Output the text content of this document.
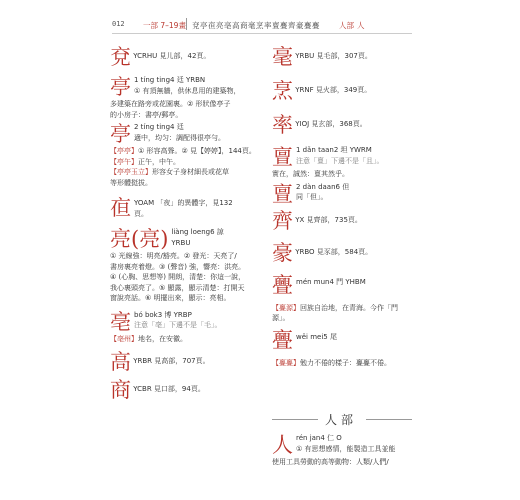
012 一部 7–19畫 兗亭亱亮亳高商毫烹率亶亹齊豪亹亹	人部 人
兗 YCRHU 見儿部，42頁。
亭 1 tíng ting4 廷 YRBN
① 有頂無牆，供休息用的建築物，
多建築在路旁或花園裏。② 形狀像亭子
的小房子：書亭/郵亭。
亭 2 tíng ting4 廷
適中，均匀：調配得很亭勻。
【亭亭】① 形容高聳。② 見【婷婷】，144頁。
【亭午】正午，中午。
【亭亭玉立】形容女子身材細長或花草
等形體挺拔。
亱 YOAM 「夜」的異體字，見132
頁。
亮(亮) liàng loeng6 諒
YRBU
① 光線強：明亮/豁亮。② 發光：天亮了/
書房裏亮着燈。③ (聲音) 強，響亮：洪亮。
④ (心胸、思想等) 開朗，清楚：你這一說，
我心裏頭亮了。⑤ 顯露，顯示清楚：打開天
窗說亮話。⑥ 明擺出來，顯示：亮相。
亳 bó bok3 博 YRBP
注意「亳」下邊不是「毛」。
【亳州】地名，在安徽。
高 YRBR 見高部，707頁。
商 YCBR 見口部，94頁。
毫 YRBU 見毛部，307頁。
烹 YRNF 見火部，349頁。
率 YIOJ 見玄部，368頁。
亶 1 dǎn taan2 坦 YWRM
注意「亶」下邊不是「且」。
實在，誠然：亶其然乎。
亶 2 dàn daan6 但
同「但」。
齊 YX 見齊部，735頁。
豪 YRBO 見豕部，584頁。
亹 mén mun4 門 YHBM
【亹源】回族自治地，在青海。今作「門
源」。
亹 wěi mei5 尾
【亹亹】勉力不倦的樣子：亹亹不倦。
人部
人 rén jan4 仁 O
① 有思想感情，能製造工具並能
使用工具勞動的高等動物：人類/人們/
